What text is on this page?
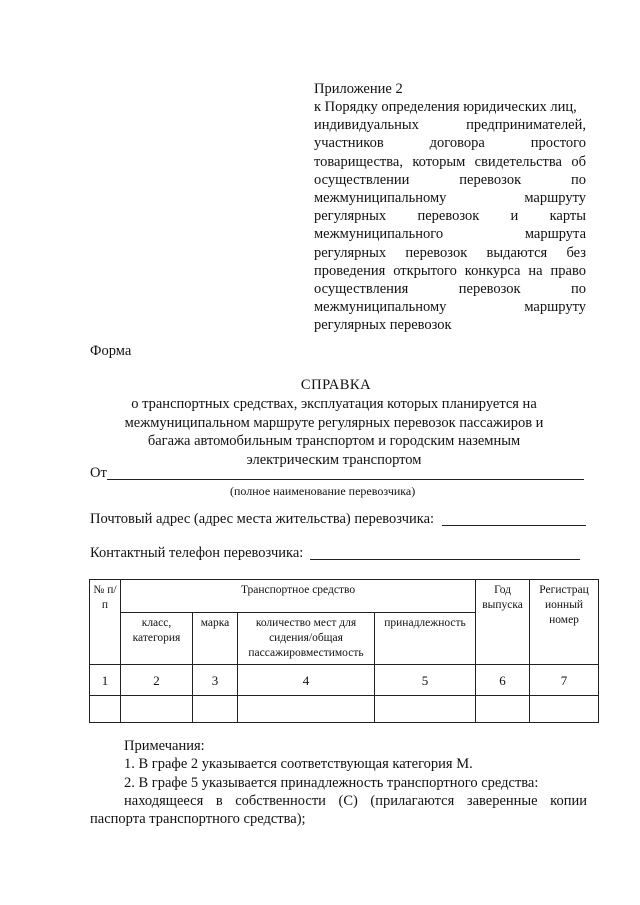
Приложение 2
к Порядку определения юридических лиц,
индивидуальных	предпринимателей,
участников	договора	простого
товарищества, которым свидетельства об
осуществлении	перевозок	по
межмуниципальному	маршруту
регулярных перевозок и карты
межмуниципального	маршрута
регулярных перевозок выдаются без
проведения открытого конкурса на право
осуществления	перевозок	по
межмуниципальному	маршруту
регулярных перевозок
Форма
СПРАВКА
о транспортных средствах, эксплуатация которых планируется на межмуниципальном маршруте регулярных перевозок пассажиров и багажа автомобильным транспортом и городским наземным электрическим транспортом
От
(полное наименование перевозчика)
Почтовый адрес (адрес места жительства) перевозчика:
Контактный телефон перевозчика:
№ п/п	Транспортное средство				Год выпуска	Регистрац ионный номер
	класс, категория	марка	количество мест для сидения/общая пассажировместимость	принадлежность		
1	2	3	4	5	6	7

Примечания:
1. В графе 2 указывается соответствующая категория М.
2. В графе 5 указывается принадлежность транспортного средства:
находящееся в собственности (С) (прилагаются заверенные копии
паспорта транспортного средства);
